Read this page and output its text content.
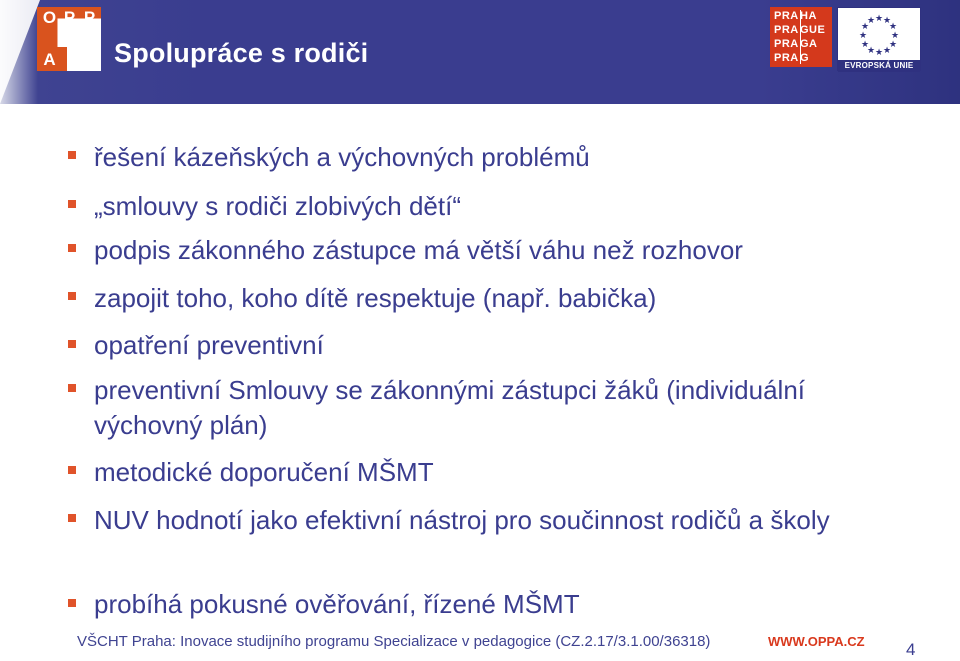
O P P
A Spolupráce s rodiči
PRAHA
PRAGUE
PRAGA
PRAG
★ ★
★
★
★
★
★
★
★
★
★
★
EVROPSKÁ UNIE
řešení kázeňských a výchovných problémů
„smlouvy s rodiči zlobivých dětí“
podpis zákonného zástupce má větší váhu než rozhovor
zapojit toho, koho dítě respektuje (např. babička)
opatření preventivní
preventivní Smlouvy se zákonnými zástupci žáků (individuální výchovný plán)
metodické doporučení MŠMT
NUV hodnotí jako efektivní nástroj pro součinnost rodičů a školy
probíhá pokusné ověřování, řízené MŠMT
VŠCHT Praha: Inovace studijního programu Specializace v pedagogice (CZ.2.17/3.1.00/36318)	WWW.OPPA.CZ 4
